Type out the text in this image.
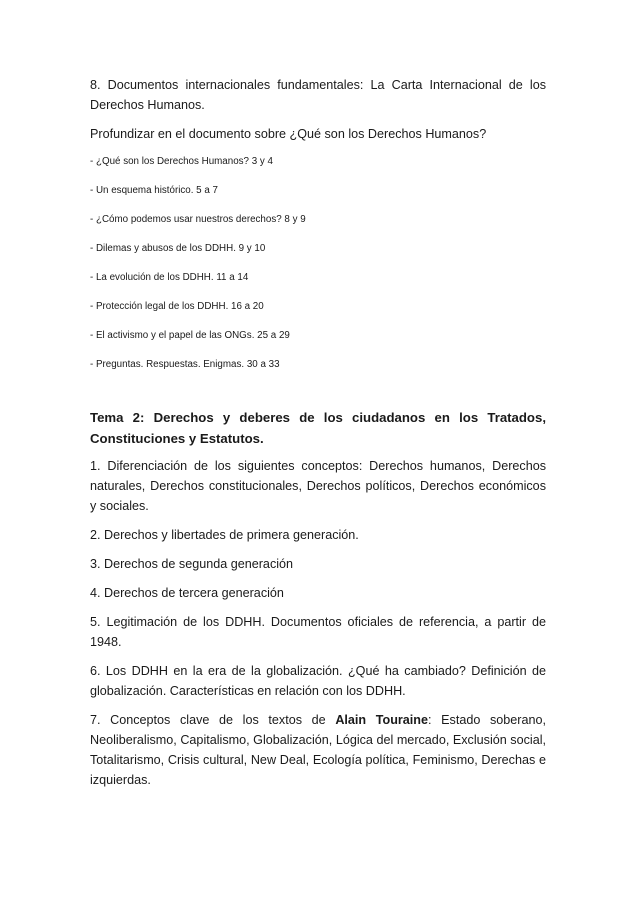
8. Documentos internacionales fundamentales: La Carta Internacional de los Derechos Humanos.

Profundizar en el documento sobre ¿Qué son los Derechos Humanos?

- ¿Qué son los Derechos Humanos? 3 y 4

- Un esquema histórico. 5 a 7

- ¿Cómo podemos usar nuestros derechos? 8 y 9

- Dilemas y abusos de los DDHH. 9 y 10

- La evolución de los DDHH. 11 a 14

- Protección legal de los DDHH. 16 a 20

- El activismo y el papel de las ONGs. 25 a 29

- Preguntas. Respuestas. Enigmas. 30 a 33

Tema 2: Derechos y deberes de los ciudadanos en los Tratados, Constituciones y Estatutos.

1. Diferenciación de los siguientes conceptos: Derechos humanos, Derechos naturales, Derechos constitucionales, Derechos políticos, Derechos económicos y sociales.

2. Derechos y libertades de primera generación.

3. Derechos de segunda generación

4. Derechos de tercera generación

5. Legitimación de los DDHH. Documentos oficiales de referencia, a partir de 1948.

6. Los DDHH en la era de la globalización. ¿Qué ha cambiado? Definición de globalización. Características en relación con los DDHH.

7. Conceptos clave de los textos de Alain Touraine: Estado soberano, Neoliberalismo, Capitalismo, Globalización, Lógica del mercado, Exclusión social, Totalitarismo, Crisis cultural, New Deal, Ecología política, Feminismo, Derechas e izquierdas.
